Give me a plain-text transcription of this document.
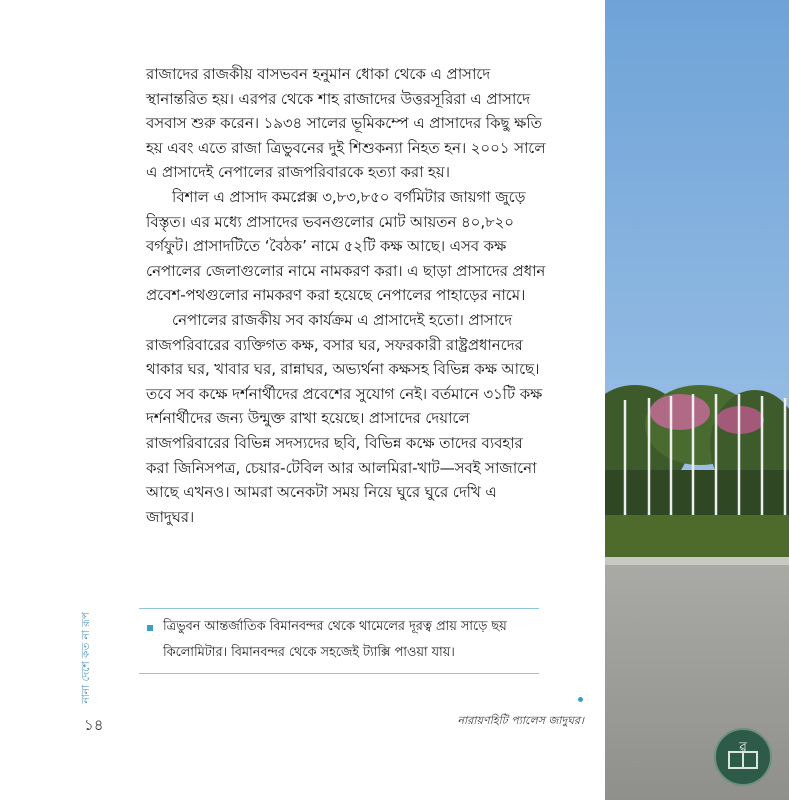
রাজাদের রাজকীয় বাসভবন হনুমান ধোকা থেকে এ প্রাসাদে স্থানান্তরিত হয়। এরপর থেকে শাহ রাজাদের উত্তরসূরিরা এ প্রাসাদে বসবাস শুরু করেন। ১৯৩৪ সালের ভূমিকম্পে এ প্রাসাদের কিছু ক্ষতি হয় এবং এতে রাজা ত্রিভুবনের দুই শিশুকন্যা নিহত হন। ২০০১ সালে এ প্রাসাদেই নেপালের রাজপরিবারকে হত্যা করা হয়।

বিশাল এ প্রাসাদ কমপ্লেক্স ৩,৮৩,৮৫০ বর্গমিটার জায়গা জুড়ে বিস্তৃত। এর মধ্যে প্রাসাদের ভবনগুলোর মোট আয়তন ৪০,৮২০ বর্গফুট। প্রাসাদটিতে ‘বৈঠক’ নামে ৫২টি কক্ষ আছে। এসব কক্ষ নেপালের জেলাগুলোর নামে নামকরণ করা। এ ছাড়া প্রাসাদের প্রধান প্রবেশ-পথগুলোর নামকরণ করা হয়েছে নেপালের পাহাড়ের নামে।

নেপালের রাজকীয় সব কার্যক্রম এ প্রাসাদেই হতো। প্রাসাদে রাজপরিবারের ব্যক্তিগত কক্ষ, বসার ঘর, সফরকারী রাষ্ট্রপ্রধানদের থাকার ঘর, খাবার ঘর, রান্নাঘর, অভ্যর্থনা কক্ষসহ বিভিন্ন কক্ষ আছে। তবে সব কক্ষে দর্শনার্থীদের প্রবেশের সুযোগ নেই। বর্তমানে ৩১টি কক্ষ দর্শনার্থীদের জন্য উন্মুক্ত রাখা হয়েছে। প্রাসাদের দেয়ালে রাজপরিবারের বিভিন্ন সদস্যদের ছবি, বিভিন্ন কক্ষে তাদের ব্যবহার করা জিনিসপত্র, চেয়ার-টেবিল আর আলমিরা-খাট—সবই সাজানো আছে এখনও। আমরা অনেকটা সময় নিয়ে ঘুরে ঘুরে দেখি এ জাদুঘর।

ত্রিভুবন আন্তর্জাতিক বিমানবন্দর থেকে থামেলের দূরত্ব প্রায় সাড়ে ছয় কিলোমিটার। বিমানবন্দর থেকে সহজেই ট্যাক্সি পাওয়া যায়।
নানা দেশে কত না রূপ
১৪	নারায়ণহিটি প্যালেস জাদুঘর।
ৱ
